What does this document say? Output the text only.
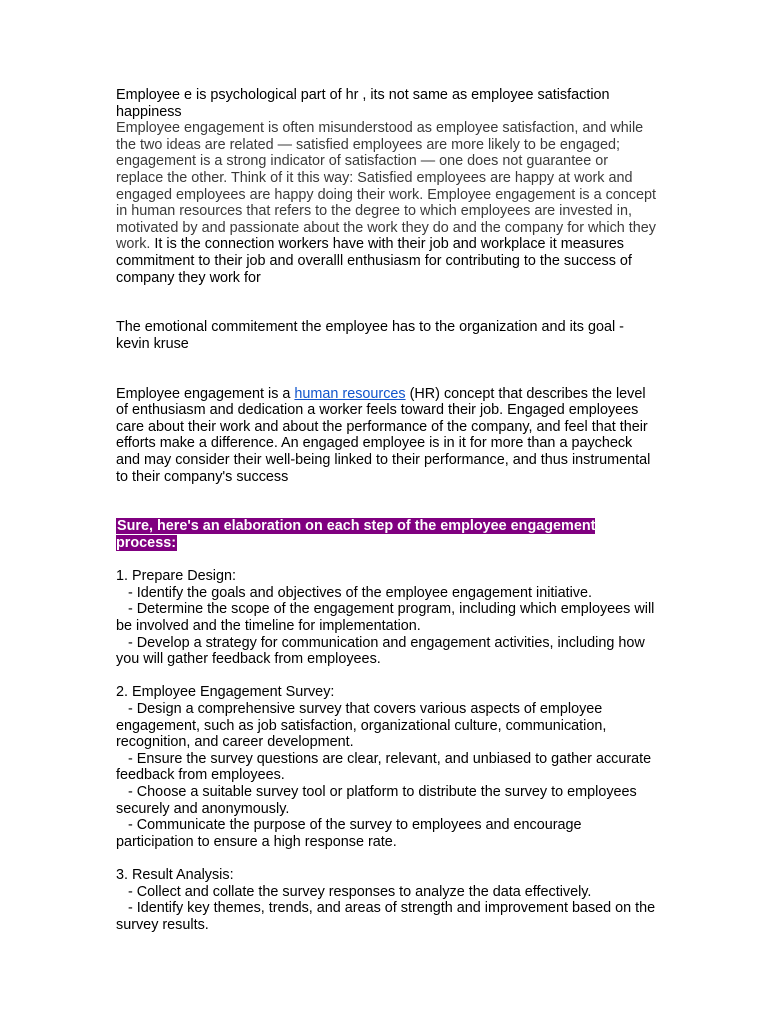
Employee e is psychological part of hr , its not same as employee satisfaction happiness

Employee engagement is often misunderstood as employee satisfaction, and while the two ideas are related — satisfied employees are more likely to be engaged; engagement is a strong indicator of satisfaction — one does not guarantee or replace the other. Think of it this way: Satisfied employees are happy at work and engaged employees are happy doing their work. Employee engagement is a concept in human resources that refers to the degree to which employees are invested in, motivated by and passionate about the work they do and the company for which they work. It is the connection workers have with their job and workplace it measures commitment to their job and overalll enthusiasm for contributing to the success of company they work for

The emotional commitement the employee has to the organization and its goal - kevin kruse

Employee engagement is a human resources (HR) concept that describes the level of enthusiasm and dedication a worker feels toward their job. Engaged employees care about their work and about the performance of the company, and feel that their efforts make a difference. An engaged employee is in it for more than a paycheck and may consider their well-being linked to their performance, and thus instrumental to their company's success

Sure, here's an elaboration on each step of the employee engagement process:

1. Prepare Design:

- Identify the goals and objectives of the employee engagement initiative.

- Determine the scope of the engagement program, including which employees will be involved and the timeline for implementation.

- Develop a strategy for communication and engagement activities, including how you will gather feedback from employees.

2. Employee Engagement Survey:

- Design a comprehensive survey that covers various aspects of employee engagement, such as job satisfaction, organizational culture, communication, recognition, and career development.

- Ensure the survey questions are clear, relevant, and unbiased to gather accurate feedback from employees.

- Choose a suitable survey tool or platform to distribute the survey to employees securely and anonymously.

- Communicate the purpose of the survey to employees and encourage participation to ensure a high response rate.

3. Result Analysis:

- Collect and collate the survey responses to analyze the data effectively.

- Identify key themes, trends, and areas of strength and improvement based on the survey results.
